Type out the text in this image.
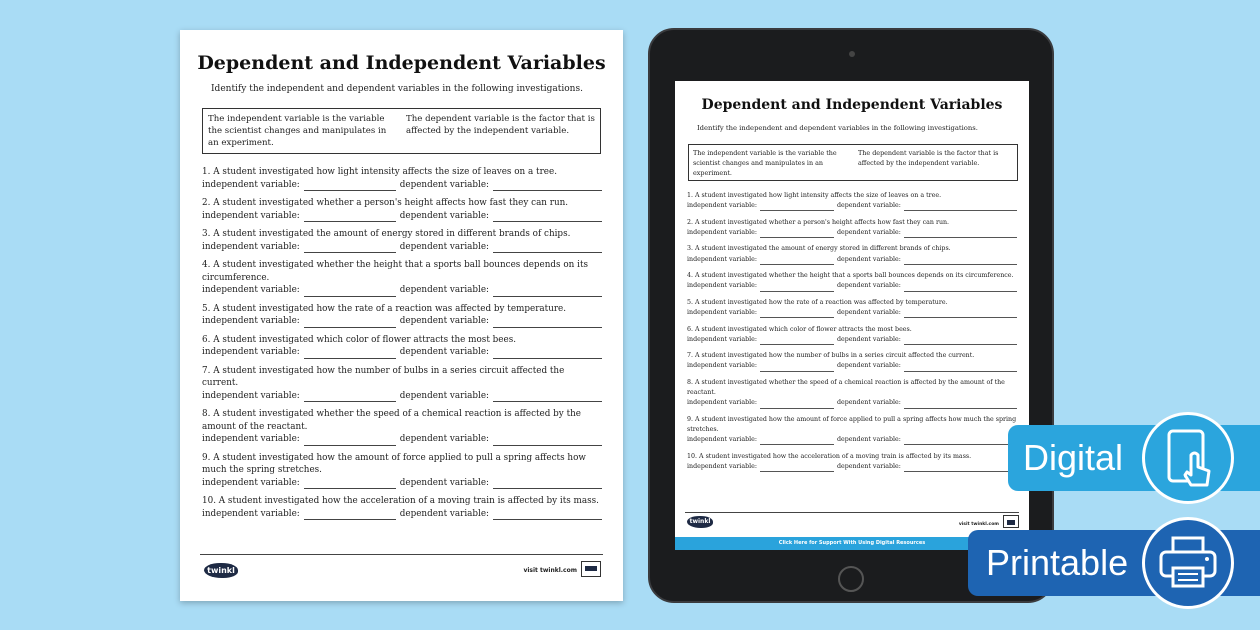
Dependent and Independent Variables
Identify the independent and dependent variables in the following investigations.
The independent variable is the variable the scientist changes and manipulates in an experiment.
The dependent variable is the factor that is affected by the independent variable.
1. A student investigated how light intensity affects the size of leaves on a tree.
independent variable:	dependent variable:
2. A student investigated whether a person's height affects how fast they can run.
independent variable:	dependent variable:
3. A student investigated the amount of energy stored in different brands of chips.
independent variable:	dependent variable:
4. A student investigated whether the height that a sports ball bounces depends on its circumference.
independent variable:	dependent variable:
5. A student investigated how the rate of a reaction was affected by temperature.
independent variable:	dependent variable:
6. A student investigated which color of flower attracts the most bees.
independent variable:	dependent variable:
7. A student investigated how the number of bulbs in a series circuit affected the current.
independent variable:	dependent variable:
8. A student investigated whether the speed of a chemical reaction is affected by the amount of the reactant.
independent variable:	dependent variable:
9. A student investigated how the amount of force applied to pull a spring affects how much the spring stretches.
independent variable:	dependent variable:
10. A student investigated how the acceleration of a moving train is affected by its mass.
independent variable:	dependent variable:
twinkl	visit twinkl.com
Dependent and Independent Variables
Identify the independent and dependent variables in the following investigations.
The independent variable is the variable the scientist changes and manipulates in an experiment.
The dependent variable is the factor that is affected by the independent variable.
1. A student investigated how light intensity affects the size of leaves on a tree.
independent variable:	dependent variable:
2. A student investigated whether a person's height affects how fast they can run.
independent variable:	dependent variable:
3. A student investigated the amount of energy stored in different brands of chips.
independent variable:	dependent variable:
4. A student investigated whether the height that a sports ball bounces depends on its circumference.
independent variable:	dependent variable:
5. A student investigated how the rate of a reaction was affected by temperature.
independent variable:	dependent variable:
6. A student investigated which color of flower attracts the most bees.
independent variable:	dependent variable:
7. A student investigated how the number of bulbs in a series circuit affected the current.
independent variable:	dependent variable:
8. A student investigated whether the speed of a chemical reaction is affected by the amount of the reactant.
independent variable:	dependent variable:
9. A student investigated how the amount of force applied to pull a spring affects how much the spring stretches.
independent variable:	dependent variable:
10. A student investigated how the acceleration of a moving train is affected by its mass.
independent variable:	dependent variable:
twinkl	visit twinkl.com
Click Here for Support With Using Digital Resources
Digital
Printable
